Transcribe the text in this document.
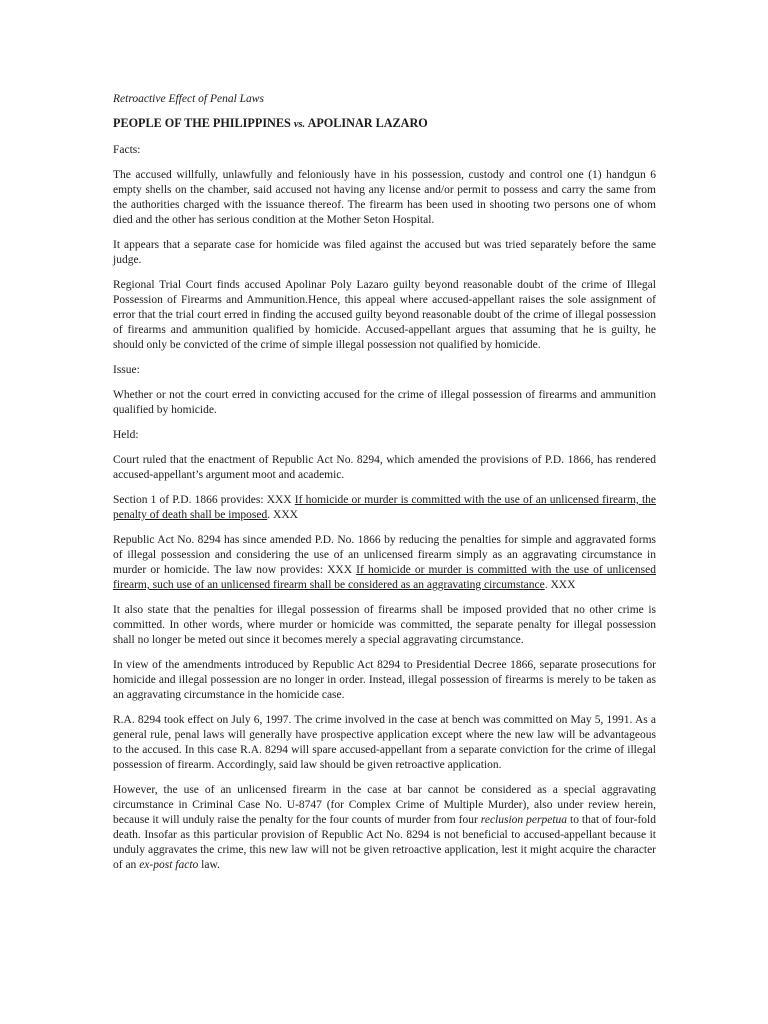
Retroactive Effect of Penal Laws

PEOPLE OF THE PHILIPPINES vs. APOLINAR LAZARO

Facts:

The accused willfully, unlawfully and feloniously have in his possession, custody and control one (1) handgun 6 empty shells on the chamber, said accused not having any license and/or permit to possess and carry the same from the authorities charged with the issuance thereof. The firearm has been used in shooting two persons one of whom died and the other has serious condition at the Mother Seton Hospital.

It appears that a separate case for homicide was filed against the accused but was tried separately before the same judge.

Regional Trial Court finds accused Apolinar Poly Lazaro guilty beyond reasonable doubt of the crime of Illegal Possession of Firearms and Ammunition.Hence, this appeal where accused-appellant raises the sole assignment of error that the trial court erred in finding the accused guilty beyond reasonable doubt of the crime of illegal possession of firearms and ammunition qualified by homicide. Accused-appellant argues that assuming that he is guilty, he should only be convicted of the crime of simple illegal possession not qualified by homicide.

Issue:

Whether or not the court erred in convicting accused for the crime of illegal possession of firearms and ammunition qualified by homicide.

Held:

Court ruled that the enactment of Republic Act No. 8294, which amended the provisions of P.D. 1866, has rendered accused-appellant’s argument moot and academic.

Section 1 of P.D. 1866 provides: XXX If homicide or murder is committed with the use of an unlicensed firearm, the penalty of death shall be imposed. XXX

Republic Act No. 8294 has since amended P.D. No. 1866 by reducing the penalties for simple and aggravated forms of illegal possession and considering the use of an unlicensed firearm simply as an aggravating circumstance in murder or homicide. The law now provides: XXX If homicide or murder is committed with the use of unlicensed firearm, such use of an unlicensed firearm shall be considered as an aggravating circumstance. XXX

It also state that the penalties for illegal possession of firearms shall be imposed provided that no other crime is committed. In other words, where murder or homicide was committed, the separate penalty for illegal possession shall no longer be meted out since it becomes merely a special aggravating circumstance.

In view of the amendments introduced by Republic Act 8294 to Presidential Decree 1866, separate prosecutions for homicide and illegal possession are no longer in order. Instead, illegal possession of firearms is merely to be taken as an aggravating circumstance in the homicide case.

R.A. 8294 took effect on July 6, 1997. The crime involved in the case at bench was committed on May 5, 1991. As a general rule, penal laws will generally have prospective application except where the new law will be advantageous to the accused. In this case R.A. 8294 will spare accused-appellant from a separate conviction for the crime of illegal possession of firearm. Accordingly, said law should be given retroactive application.

However, the use of an unlicensed firearm in the case at bar cannot be considered as a special aggravating circumstance in Criminal Case No. U-8747 (for Complex Crime of Multiple Murder), also under review herein, because it will unduly raise the penalty for the four counts of murder from four reclusion perpetua to that of four-fold death. Insofar as this particular provision of Republic Act No. 8294 is not beneficial to accused-appellant because it unduly aggravates the crime, this new law will not be given retroactive application, lest it might acquire the character of an ex-post facto law.
